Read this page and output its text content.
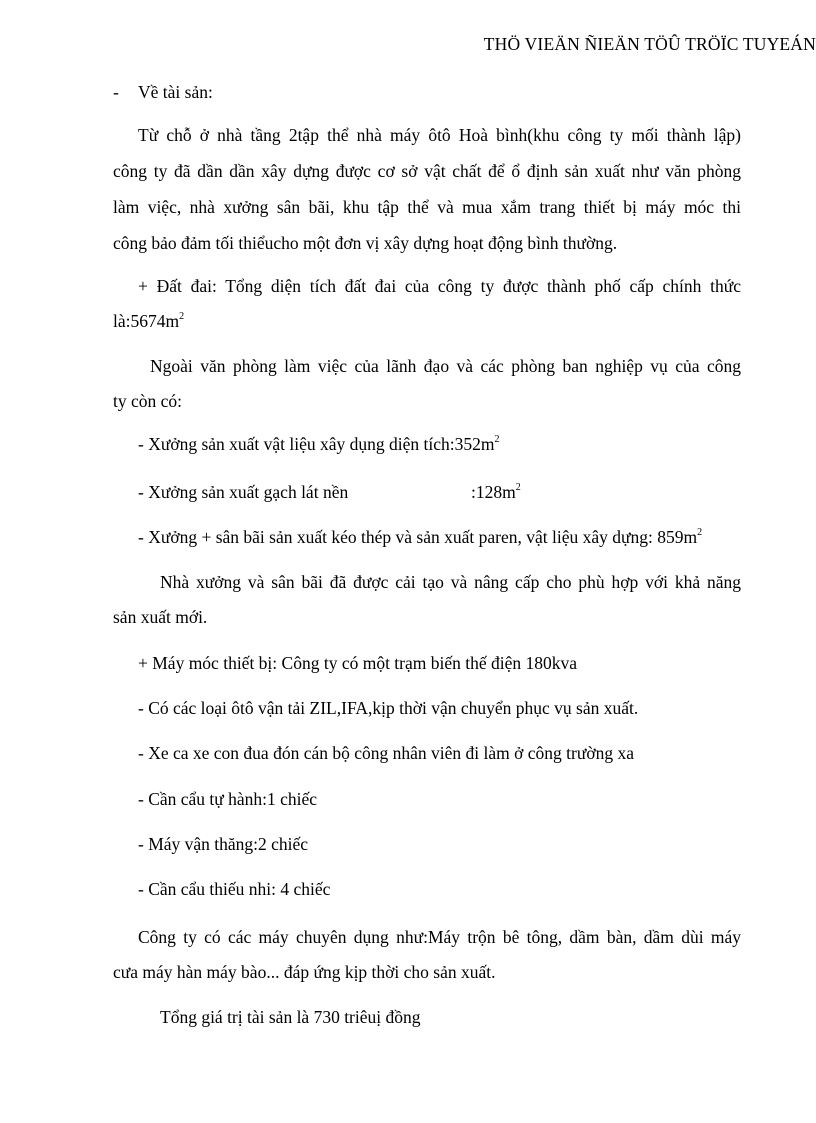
THÖ VIEÄN ÑIEÄN TÖÛ TRÖÏC TUYEÁN
- Về tài sản:
Từ chỗ ở nhà tầng 2tập thể nhà máy ôtô Hoà bình(khu công ty mối thành lập)
công ty đã dần dần xây dựng được cơ sở vật chất để ổ định sản xuất như văn phòng
làm việc, nhà xưởng sân bãi, khu tập thể và mua xắm trang thiết bị máy móc thi
công bảo đảm tối thiểucho một đơn vị xây dựng hoạt động bình thường.
+ Đất đai: Tổng diện tích đất đai của công ty được thành phố cấp chính thức
$là:5674m^2$
Ngoài văn phòng làm việc của lãnh đạo và các phòng ban nghiệp vụ của công
ty còn có:
- Xưởng sản xuất vật liệu xây dụng diện $tích:352m^2$
- Xưởng sản xuất gạch lát nền	$:128m^2$
- Xưởng + sân bãi sản xuất kéo thép và sản xuất paren, vật liệu xây dựng: $859m^2$
Nhà xưởng và sân bãi đã được cải tạo và nâng cấp cho phù hợp với khả năng
sản xuất mới.
+ Máy móc thiết bị: Công ty có một trạm biến thế điện 180kva
- Có các loại ôtô vận tải ZIL,IFA,kịp thời vận chuyển phục vụ sản xuất.
- Xe ca xe con đua đón cán bộ công nhân viên đi làm ở công trường xa
- Cần cẩu tự hành:1 chiếc
- Máy vận thăng:2 chiếc
- Cần cẩu thiếu nhi: 4 chiếc
Công ty có các máy chuyên dụng như:Máy trộn bê tông, dầm bàn, dầm dùi máy
cưa máy hàn máy bào... đáp ứng kịp thời cho sản xuất.
Tổng giá trị tài sản là 730 triêuị đồng
